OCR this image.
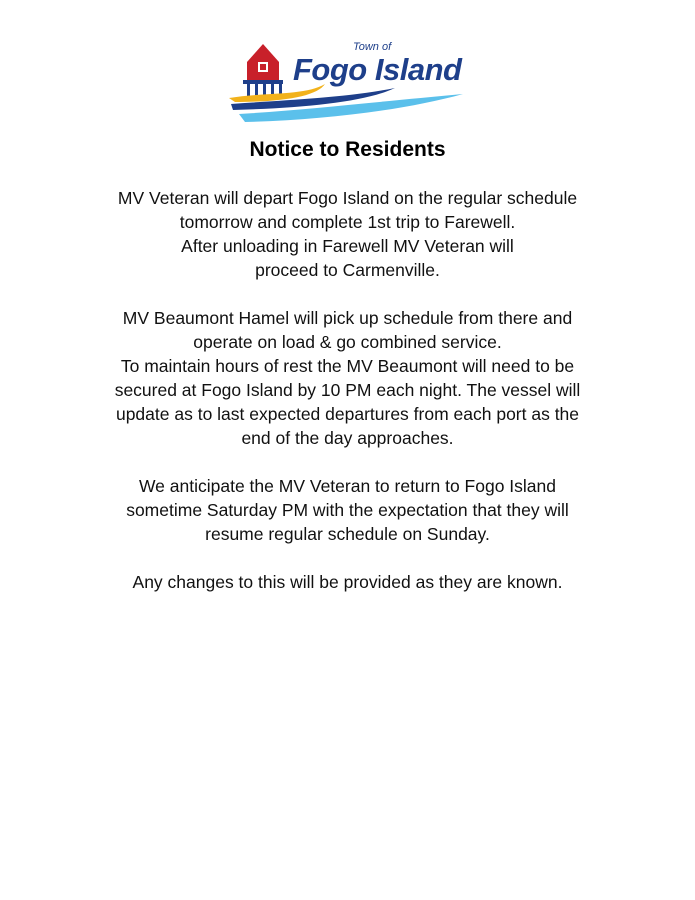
Town of
Fogo Island
Notice to Residents

MV Veteran will depart Fogo Island on the regular schedule
tomorrow and complete 1st trip to Farewell.
After unloading in Farewell MV Veteran will
proceed to Carmenville.

MV Beaumont Hamel will pick up schedule from there and
operate on load & go combined service.
To maintain hours of rest the MV Beaumont will need to be
secured at Fogo Island by 10 PM each night. The vessel will
update as to last expected departures from each port as the
end of the day approaches.

We anticipate the MV Veteran to return to Fogo Island
sometime Saturday PM with the expectation that they will
resume regular schedule on Sunday.

Any changes to this will be provided as they are known.
